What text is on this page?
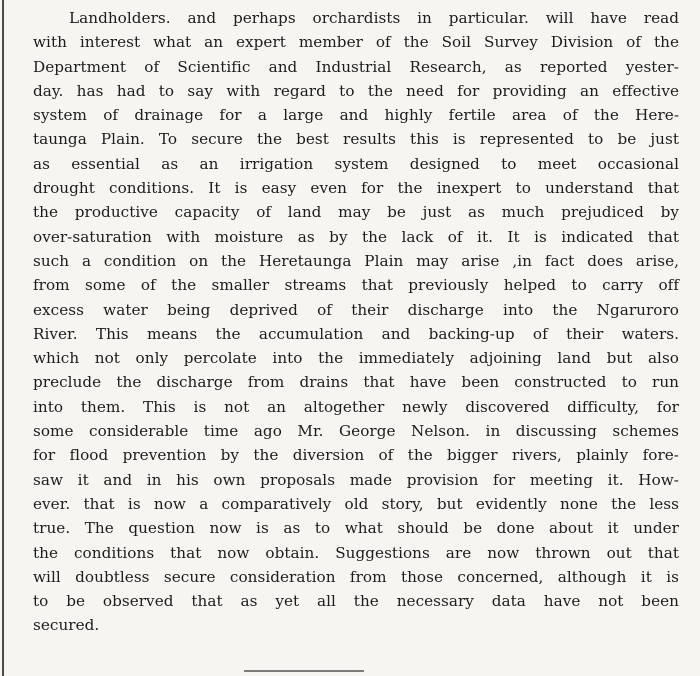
Landholders. and perhaps orchardists in particular. will have read
with interest what an expert member of the Soil Survey Division of the
Department of Scientific and Industrial Research, as reported yester-
day. has had to say with regard to the need for providing an effective
system of drainage for a large and highly fertile area of the Here-
taunga Plain. To secure the best results this is represented to be just
as essential as an irrigation system designed to meet occasional
drought conditions. It is easy even for the inexpert to understand that
the productive capacity of land may be just as much prejudiced by
over-saturation with moisture as by the lack of it. It is indicated that
such a condition on the Heretaunga Plain may arise ,in fact does arise,
from some of the smaller streams that previously helped to carry off
excess water being deprived of their discharge into the Ngaruroro
River. This means the accumulation and backing-up of their waters.
which not only percolate into the immediately adjoining land but also
preclude the discharge from drains that have been constructed to run
into them. This is not an altogether newly discovered difficulty, for
some considerable time ago Mr. George Nelson. in discussing schemes
for flood prevention by the diversion of the bigger rivers, plainly fore-
saw it and in his own proposals made provision for meeting it. How-
ever. that is now a comparatively old story, but evidently none the less
true. The question now is as to what should be done about it under
the conditions that now obtain. Suggestions are now thrown out that
will doubtless secure consideration from those concerned, although it is
to be observed that as yet all the necessary data have not been
secured.
